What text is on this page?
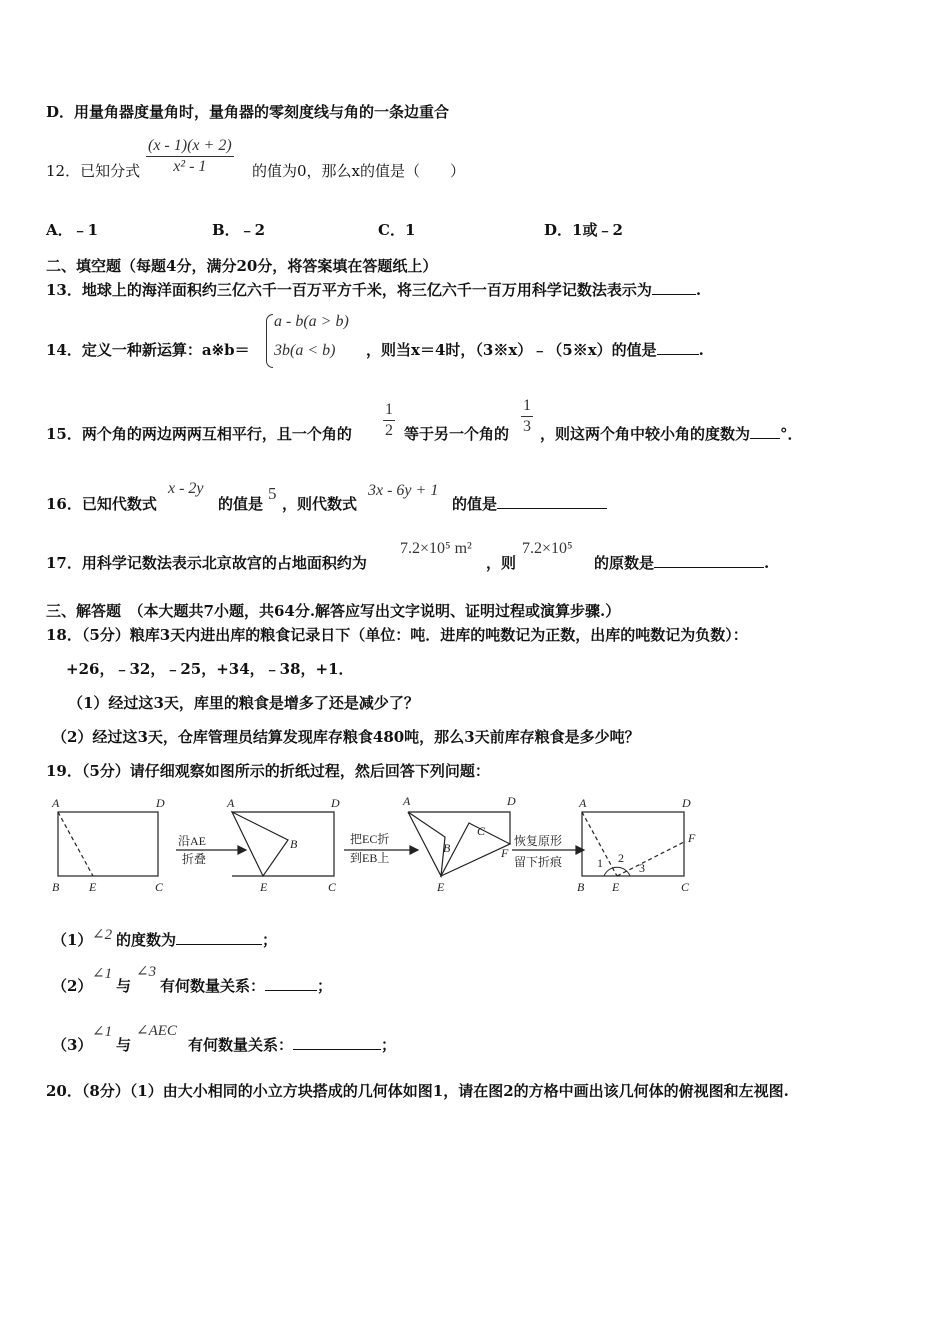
D．用量角器度量角时，量角器的零刻度线与角的一条边重合
12．已知分式 $\frac{(x - 1)(x + 2)}{\text{x² - 1}}$ 的值为0，那么x的值是（　　）
A．﹣1	B．﹣2	C．1	D．1或﹣2
二、填空题（每题4分，满分20分，将答案填在答题纸上）
13．地球上的海洋面积约三亿六千一百万平方千米，将三亿六千一百万用科学记数法表示为	.
14．定义一种新运算：a※b＝
a - b(a > b)
3b(a < b) ，则当x＝4时，（3※x）﹣（5※x）的值是	.
15．两个角的两边两两互相平行，且一个角的 $\frac{1}{2}$ 等于另一个角的 $\frac{1}{3}$ ，则这两个角中较小角的度数为 °．
16．已知代数式
x - 2y
的值是
5
，则代数式
3x - 6y + 1
的值是
17．用科学记数法表示北京故宫的占地面积约为
7.2×10⁵ m²
，则
7.2×10⁵
的原数是	.
三、解答题　（本大题共7小题，共64分.解答应写出文字说明、证明过程或演算步骤.）
18．（5分）粮库3天内进出库的粮食记录日下（单位：吨．进库的吨数记为正数，出库的吨数记为负数）：
+26，﹣32，﹣25，+34，﹣38，+1．
（1）经过这3天，库里的粮食是增多了还是减少了？
（2）经过这3天，仓库管理员结算发现库存粮食480吨，那么3天前库存粮食是多少吨？
19．（5分）请仔细观察如图所示的折纸过程，然后回答下列问题：
A	D
B E	C
A	D
B
E	C
A	D
B
C
F
E
A	D
F
B E	C
1 2
3
沿AE
折叠
把EC折
到EB上
恢复原形
留下折痕
（1） ∠2 的度数为	；
（2）
∠1
与
∠3
有何数量关系：	；
（3）
∠1
与
∠AEC
有何数量关系：	；
20．（8分）（1）由大小相同的小立方块搭成的几何体如图1，请在图2的方格中画出该几何体的俯视图和左视图.
